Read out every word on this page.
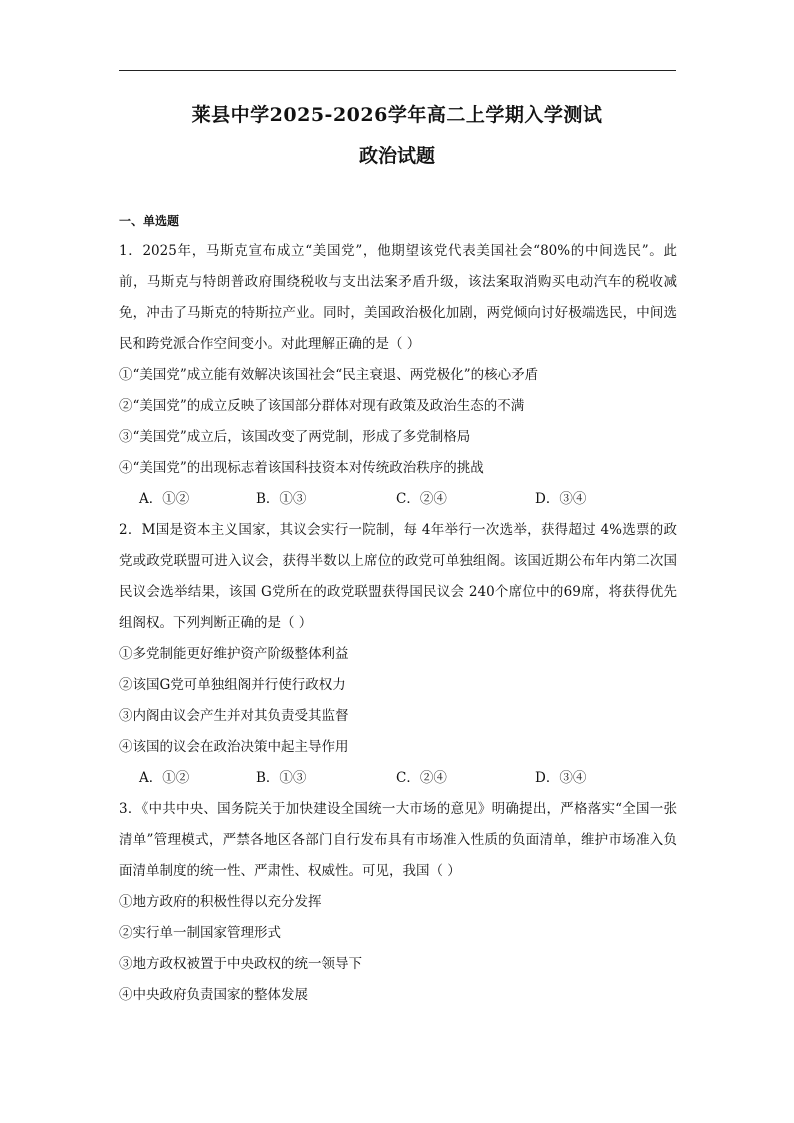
莱县中学2025-2026学年高二上学期入学测试
政治试题
一、单选题

1．2025年，马斯克宣布成立“美国党”，他期望该党代表美国社会“80%的中间选民”。此前，马斯克与特朗普政府围绕税收与支出法案矛盾升级，该法案取消购买电动汽车的税收减免，冲击了马斯克的特斯拉产业。同时，美国政治极化加剧，两党倾向讨好极端选民，中间选民和跨党派合作空间变小。对此理解正确的是（ ）

①“美国党”成立能有效解决该国社会“民主衰退、两党极化”的核心矛盾
②“美国党”的成立反映了该国部分群体对现有政策及政治生态的不满
③“美国党”成立后，该国改变了两党制，形成了多党制格局
④“美国党”的出现标志着该国科技资本对传统政治秩序的挑战
A．①②	B．①③	C．②④	D．③④

2．M国是资本主义国家，其议会实行一院制，每 4年举行一次选举，获得超过 4%选票的政党或政党联盟可进入议会，获得半数以上席位的政党可单独组阁。该国近期公布年内第二次国民议会选举结果，该国 G党所在的政党联盟获得国民议会 240个席位中的69席，将获得优先组阁权。下列判断正确的是（ ）

①多党制能更好维护资产阶级整体利益
②该国G党可单独组阁并行使行政权力
③内阁由议会产生并对其负责受其监督
④该国的议会在政治决策中起主导作用
A．①②	B．①③	C．②④	D．③④

3．《中共中央、国务院关于加快建设全国统一大市场的意见》明确提出，严格落实“全国一张清单”管理模式，严禁各地区各部门自行发布具有市场准入性质的负面清单，维护市场准入负面清单制度的统一性、严肃性、权威性。可见，我国（ ）

①地方政府的积极性得以充分发挥
②实行单一制国家管理形式
③地方政权被置于中央政权的统一领导下
④中央政府负责国家的整体发展
